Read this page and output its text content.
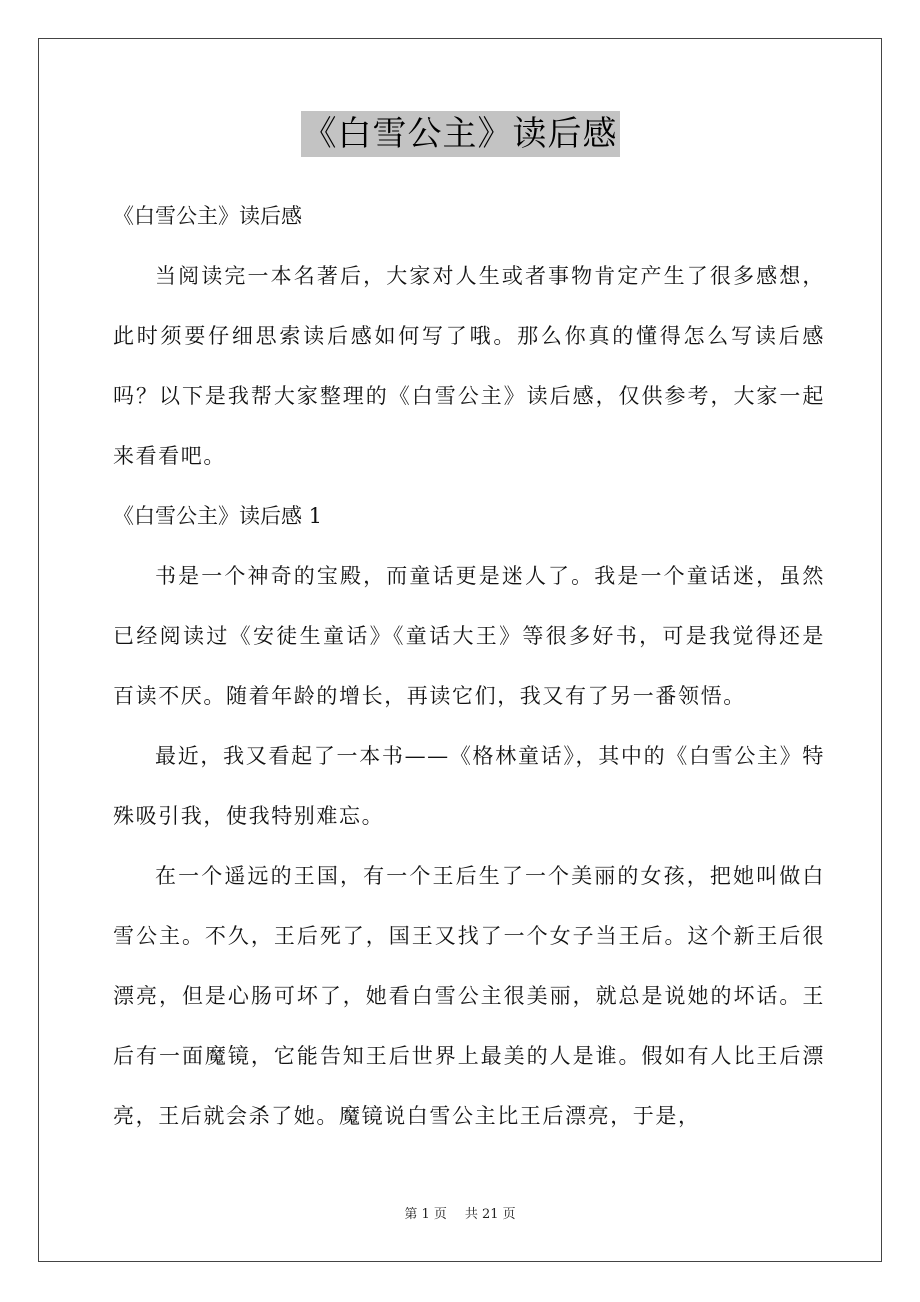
《白雪公主》读后感

《白雪公主》读后感

当阅读完一本名著后，大家对人生或者事物肯定产生了很多感想，此时须要仔细思索读后感如何写了哦。那么你真的懂得怎么写读后感吗？以下是我帮大家整理的《白雪公主》读后感，仅供参考，大家一起来看看吧。

《白雪公主》读后感 1

书是一个神奇的宝殿，而童话更是迷人了。我是一个童话迷，虽然已经阅读过《安徒生童话》《童话大王》等很多好书，可是我觉得还是百读不厌。随着年龄的增长，再读它们，我又有了另一番领悟。

最近，我又看起了一本书——《格林童话》，其中的《白雪公主》特殊吸引我，使我特别难忘。

在一个遥远的王国，有一个王后生了一个美丽的女孩，把她叫做白雪公主。不久，王后死了，国王又找了一个女子当王后。这个新王后很漂亮，但是心肠可坏了，她看白雪公主很美丽，就总是说她的坏话。王后有一面魔镜，它能告知王后世界上最美的人是谁。假如有人比王后漂亮，王后就会杀了她。魔镜说白雪公主比王后漂亮，于是，

第 1 页 共 21 页
